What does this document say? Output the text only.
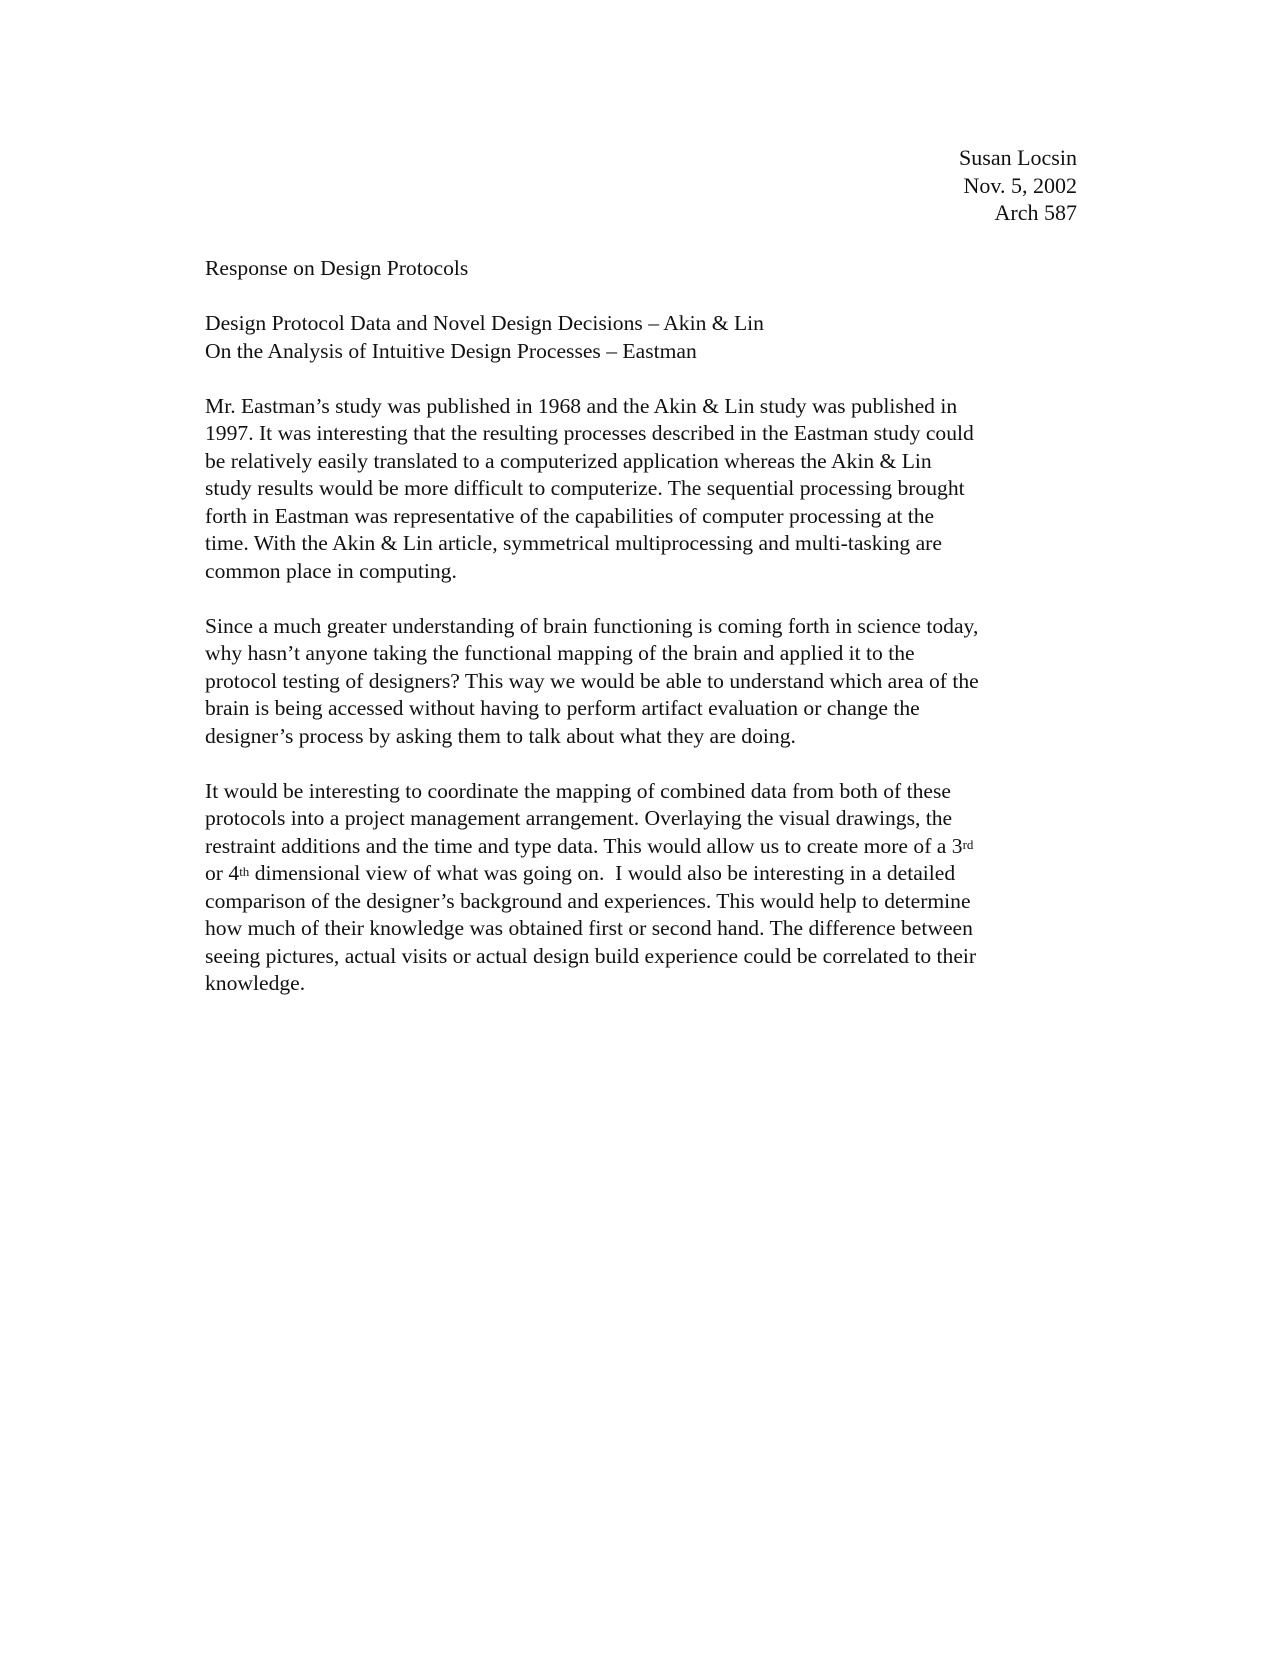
Susan Locsin
Nov. 5, 2002
Arch 587

Response on Design Protocols

Design Protocol Data and Novel Design Decisions – Akin & Lin

On the Analysis of Intuitive Design Processes – Eastman

Mr. Eastman’s study was published in 1968 and the Akin & Lin study was published in

1997. It was interesting that the resulting processes described in the Eastman study could

be relatively easily translated to a computerized application whereas the Akin & Lin

study results would be more difficult to computerize. The sequential processing brought

forth in Eastman was representative of the capabilities of computer processing at the

time. With the Akin & Lin article, symmetrical multiprocessing and multi-tasking are

common place in computing.

Since a much greater understanding of brain functioning is coming forth in science today,

why hasn’t anyone taking the functional mapping of the brain and applied it to the

protocol testing of designers? This way we would be able to understand which area of the

brain is being accessed without having to perform artifact evaluation or change the

designer’s process by asking them to talk about what they are doing.

It would be interesting to coordinate the mapping of combined data from both of these

protocols into a project management arrangement. Overlaying the visual drawings, the

restraint additions and the time and type data. This would allow us to create more of a 3rd

or 4th dimensional view of what was going on.  I would also be interesting in a detailed

comparison of the designer’s background and experiences. This would help to determine

how much of their knowledge was obtained first or second hand. The difference between

seeing pictures, actual visits or actual design build experience could be correlated to their

knowledge.
